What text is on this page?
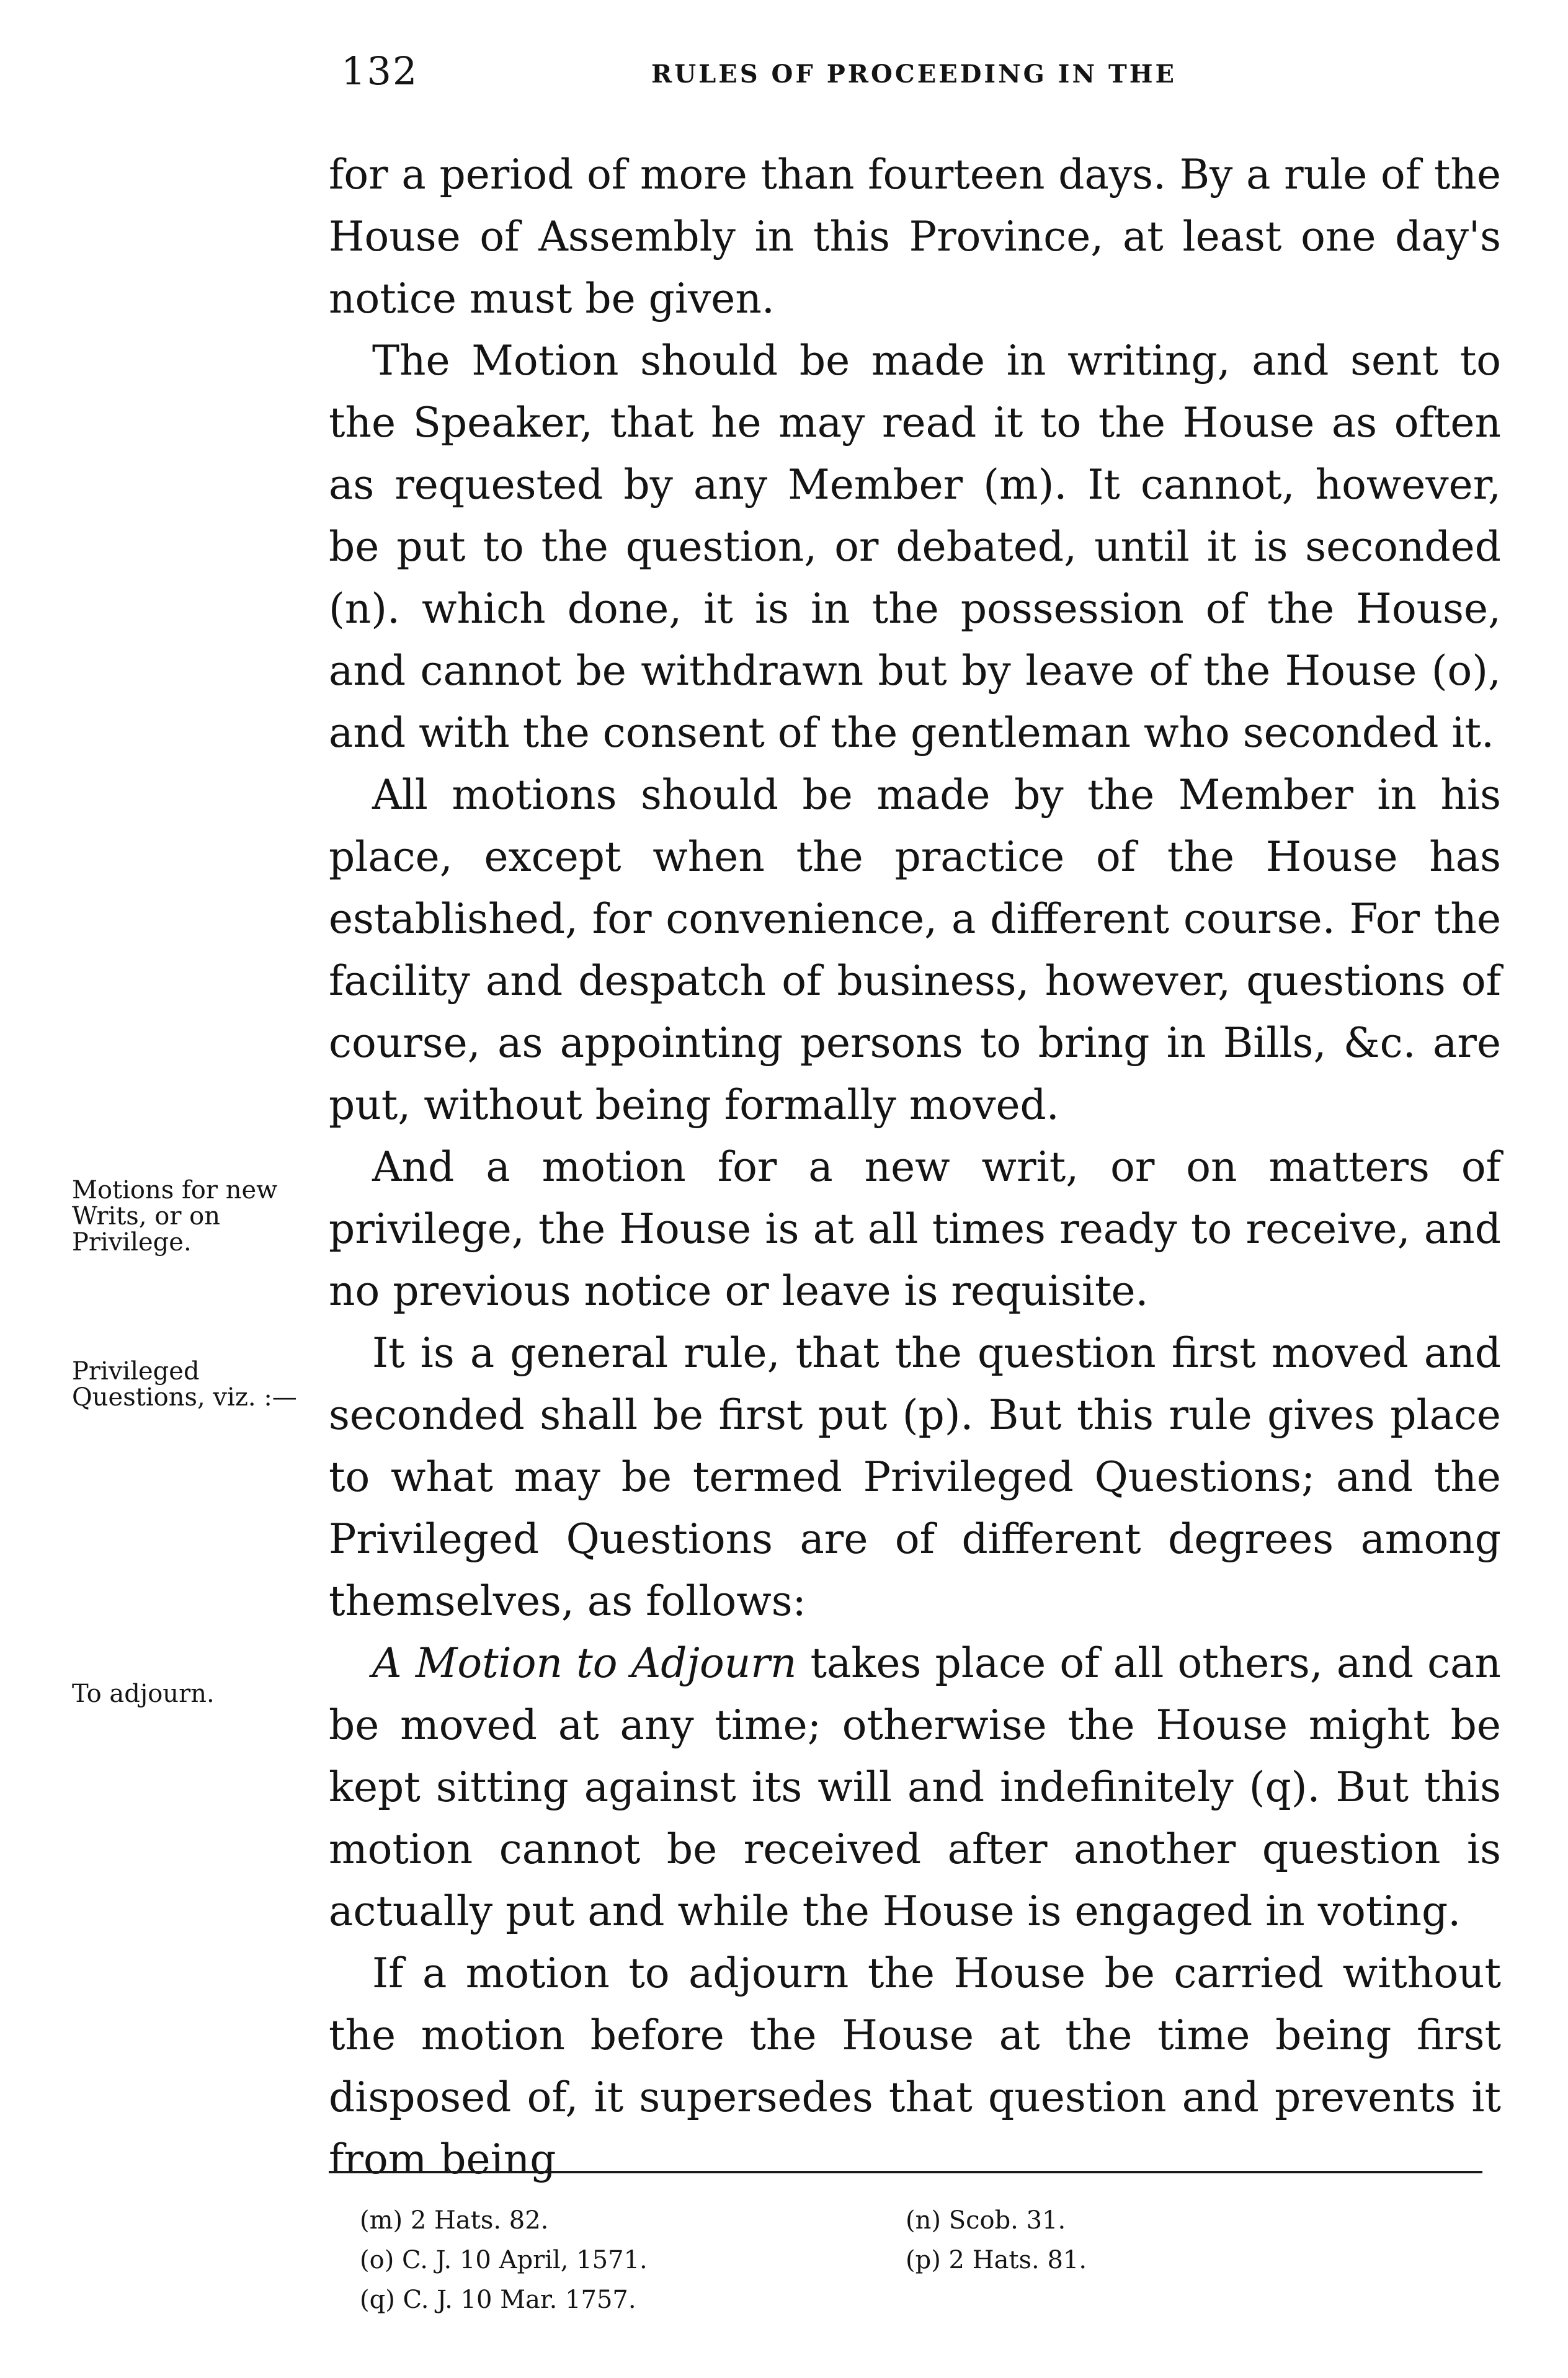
132	RULES OF PROCEEDING IN THE

for a period of more than fourteen days. By a rule of the House of Assembly in this Province, at least one day's notice must be given.

The Motion should be made in writing, and sent to the Speaker, that he may read it to the House as often as requested by any Member (m). It cannot, however, be put to the question, or debated, until it is seconded (n). which done, it is in the possession of the House, and cannot be withdrawn but by leave of the House (o), and with the consent of the gentleman who seconded it.

All motions should be made by the Member in his place, except when the practice of the House has established, for convenience, a different course. For the facility and despatch of business, however, questions of course, as appointing persons to bring in Bills, &c. are put, without being formally moved.

And a motion for a new writ, or on matters of privilege, the House is at all times ready to receive, and no previous notice or leave is requisite.

It is a general rule, that the question first moved and seconded shall be first put (p). But this rule gives place to what may be termed Privileged Questions; and the Privileged Questions are of different degrees among themselves, as follows:

A Motion to Adjourn takes place of all others, and can be moved at any time; otherwise the House might be kept sitting against its will and indefinitely (q). But this motion cannot be received after another question is actually put and while the House is engaged in voting.

If a motion to adjourn the House be carried without the motion before the House at the time being first disposed of, it supersedes that question and prevents it from being

Motions for new Writs, or on Privilege.
Privileged Questions, viz. :—
To adjourn.
(m) 2 Hats. 82.	(n) Scob. 31.
(o) C. J. 10 April, 1571.	(p) 2 Hats. 81.
(q) C. J. 10 Mar. 1757.
